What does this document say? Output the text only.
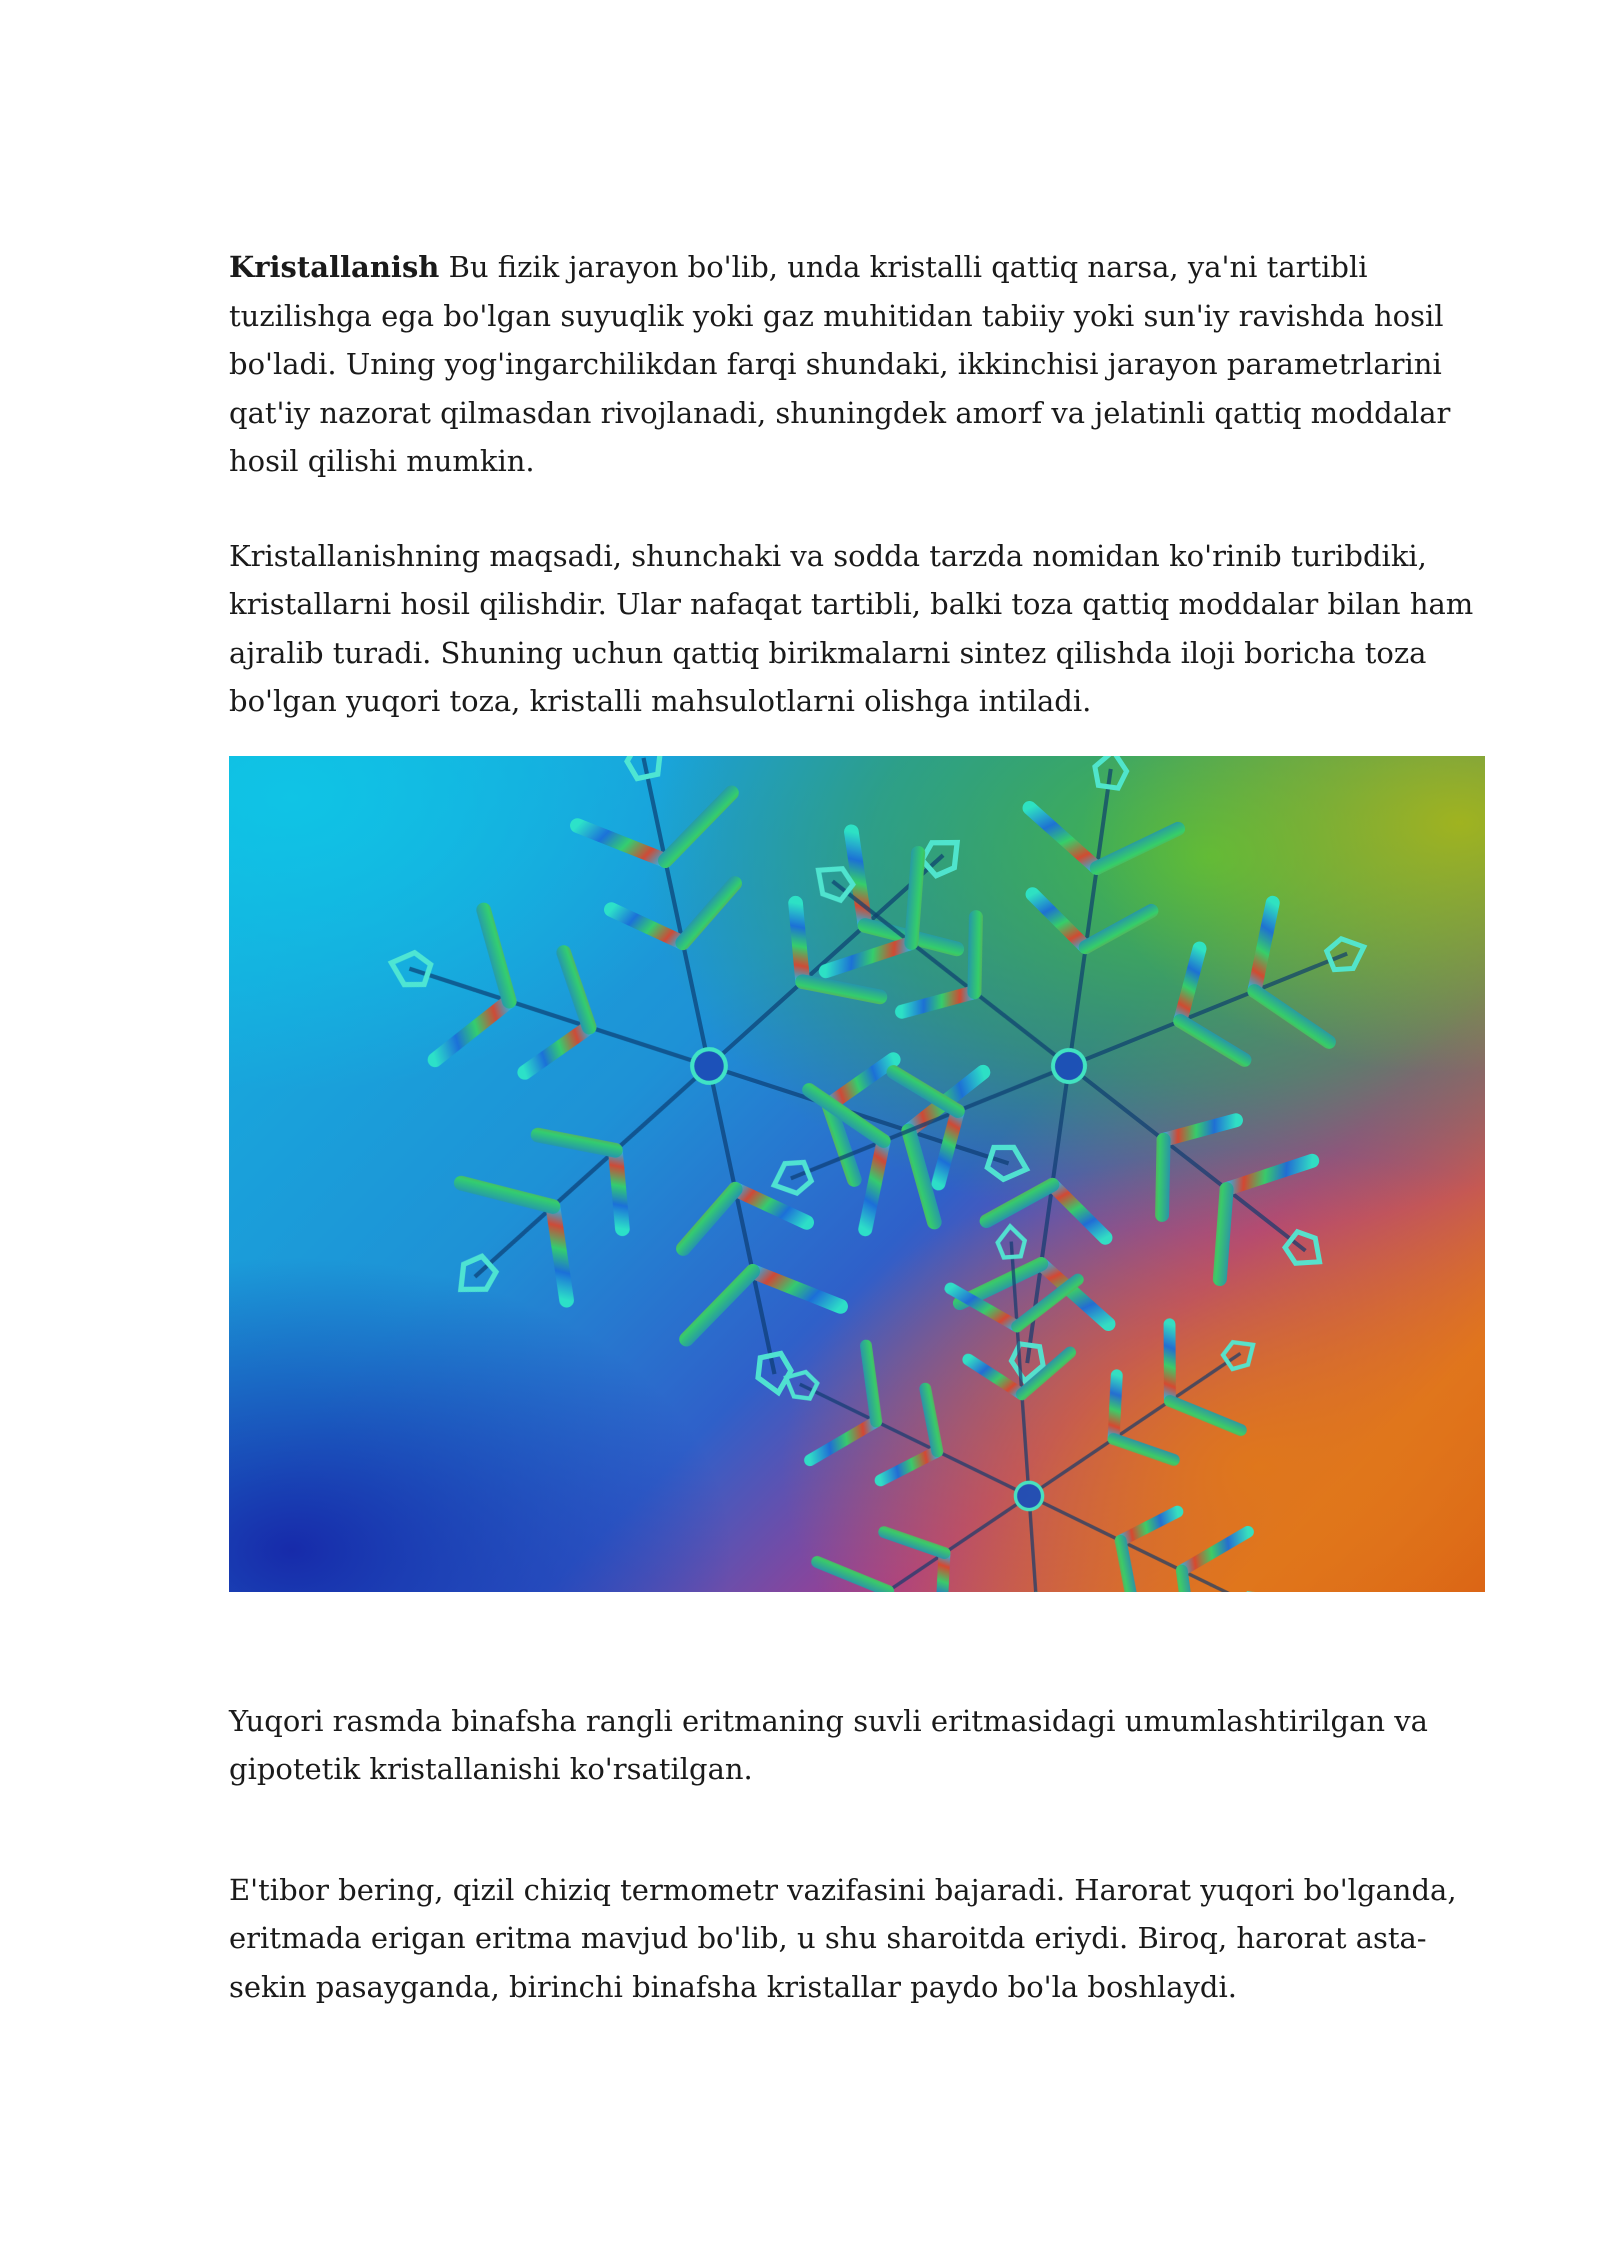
Kristallanish Bu fizik jarayon bo'lib, unda kristalli qattiq narsa, ya'ni tartibli tuzilishga ega bo'lgan suyuqlik yoki gaz muhitidan tabiiy yoki sun'iy ravishda hosil bo'ladi. Uning yog'ingarchilikdan farqi shundaki, ikkinchisi jarayon parametrlarini qat'iy nazorat qilmasdan rivojlanadi, shuningdek amorf va jelatinli qattiq moddalar hosil qilishi mumkin.

Kristallanishning maqsadi, shunchaki va sodda tarzda nomidan ko'rinib turibdiki, kristallarni hosil qilishdir. Ular nafaqat tartibli, balki toza qattiq moddalar bilan ham ajralib turadi. Shuning uchun qattiq birikmalarni sintez qilishda iloji boricha toza bo'lgan yuqori toza, kristalli mahsulotlarni olishga intiladi.

Yuqori rasmda binafsha rangli eritmaning suvli eritmasidagi umumlashtirilgan va gipotetik kristallanishi ko'rsatilgan.

E'tibor bering, qizil chiziq termometr vazifasini bajaradi. Harorat yuqori bo'lganda, eritmada erigan eritma mavjud bo'lib, u shu sharoitda eriydi. Biroq, harorat asta-sekin pasayganda, birinchi binafsha kristallar paydo bo'la boshlaydi.
